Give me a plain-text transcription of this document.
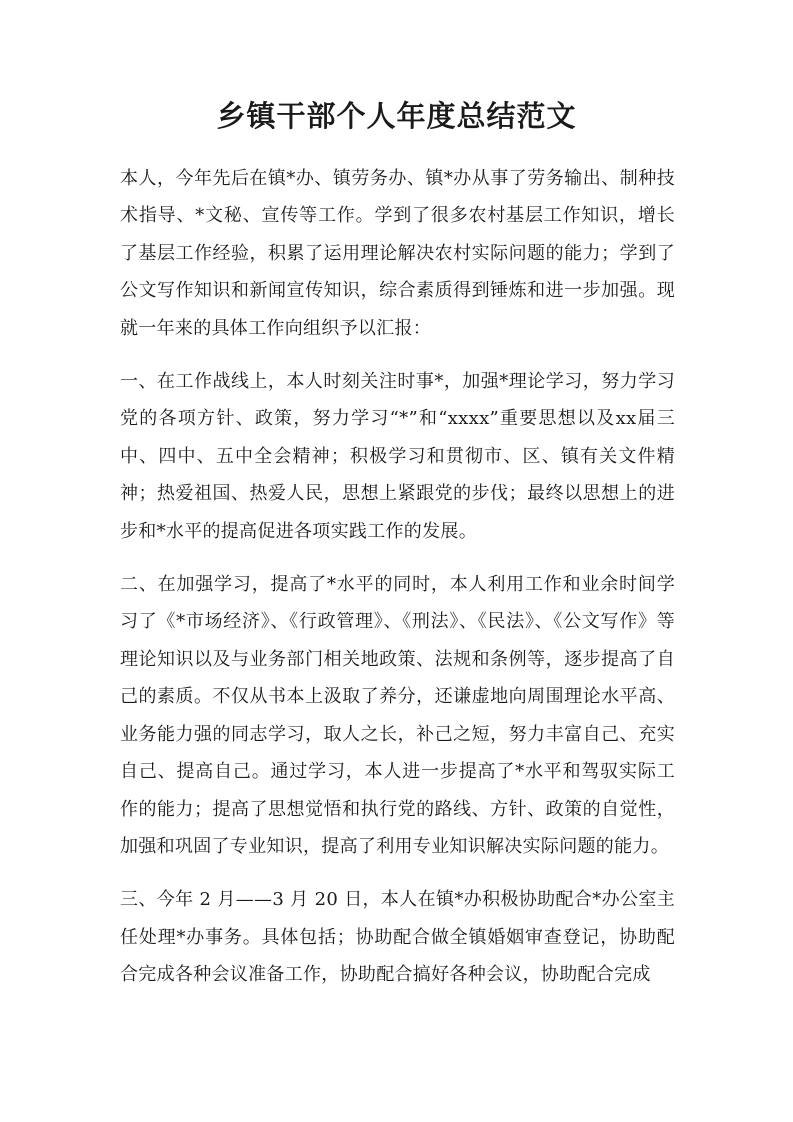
乡镇干部个人年度总结范文

本人，今年先后在镇*办、镇劳务办、镇*办从事了劳务输出、制种技术指导、*文秘、宣传等工作。学到了很多农村基层工作知识，增长了基层工作经验，积累了运用理论解决农村实际问题的能力；学到了公文写作知识和新闻宣传知识，综合素质得到锤炼和进一步加强。现就一年来的具体工作向组织予以汇报：

一、在工作战线上，本人时刻关注时事*，加强*理论学习，努力学习党的各项方针、政策，努力学习“*”和“xxxx”重要思想以及xx届三中、四中、五中全会精神；积极学习和贯彻市、区、镇有关文件精神；热爱祖国、热爱人民，思想上紧跟党的步伐；最终以思想上的进步和*水平的提高促进各项实践工作的发展。

二、在加强学习，提高了*水平的同时，本人利用工作和业余时间学习了《*市场经济》、《行政管理》、《刑法》、《民法》、《公文写作》等理论知识以及与业务部门相关地政策、法规和条例等，逐步提高了自己的素质。不仅从书本上汲取了养分，还谦虚地向周围理论水平高、业务能力强的同志学习，取人之长，补己之短，努力丰富自己、充实自己、提高自己。通过学习，本人进一步提高了*水平和驾驭实际工作的能力；提高了思想觉悟和执行党的路线、方针、政策的自觉性，加强和巩固了专业知识，提高了利用专业知识解决实际问题的能力。

三、今年 2 月——3 月 20 日，本人在镇*办积极协助配合*办公室主任处理*办事务。具体包括；协助配合做全镇婚姻审查登记，协助配合完成各种会议准备工作，协助配合搞好各种会议，协助配合完成
